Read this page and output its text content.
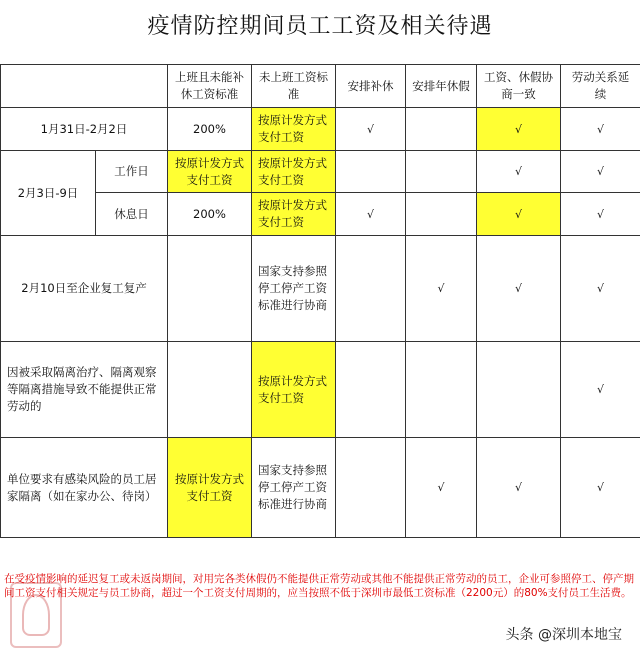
疫情防控期间员工工资及相关待遇
		上班且未能补休工资标准	未上班工资标准	安排补休	安排年休假	工资、休假协商一致	劳动关系延续
1月31日-2月2日		200%	按原计发方式支付工资	√		√	√
2月3日-9日	工作日	按原计发方式支付工资	按原计发方式支付工资			√	√
	休息日	200%	按原计发方式支付工资	√		√	√
2月10日至企业复工复产			国家支持参照停工停产工资标准进行协商		√	√	√
因被采取隔离治疗、隔离观察等隔离措施导致不能提供正常劳动的			按原计发方式支付工资				√
单位要求有感染风险的员工居家隔离（如在家办公、待岗）		按原计发方式支付工资	国家支持参照停工停产工资标准进行协商		√	√	√
在受疫情影响的延迟复工或未返岗期间，对用完各类休假仍不能提供正常劳动或其他不能提供正常劳动的员工，企业可参照停工、停产期间工资支付相关规定与员工协商，超过一个工资支付周期的，应当按照不低于深圳市最低工资标准（2200元）的80%支付员工生活费。
头条 @深圳本地宝
